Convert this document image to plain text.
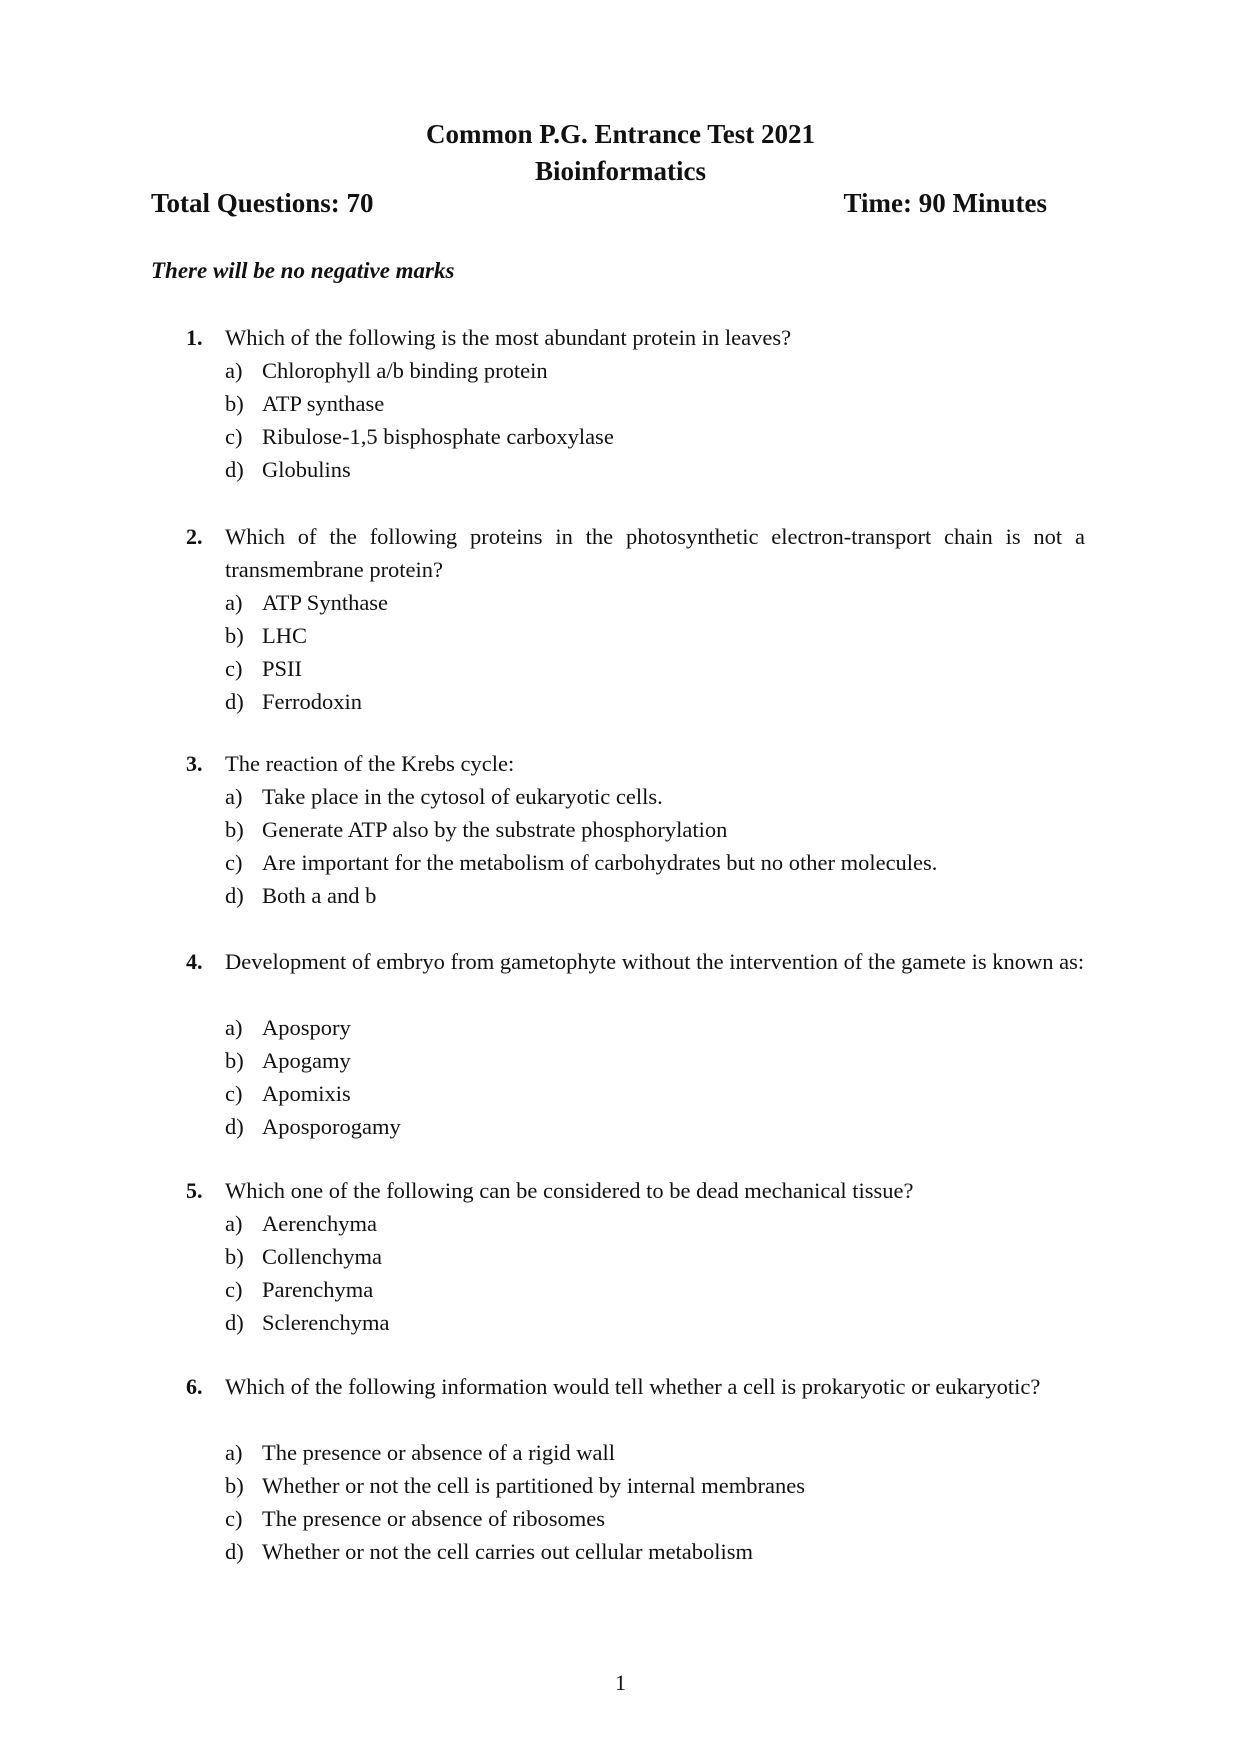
Common P.G. Entrance Test 2021
Bioinformatics
Total Questions: 70	Time: 90 Minutes
There will be no negative marks
1. Which of the following is the most abundant protein in leaves?
a) Chlorophyll a/b binding protein
b) ATP synthase
c) Ribulose-1,5 bisphosphate carboxylase
d) Globulins
2. Which of the following proteins in the photosynthetic electron-transport chain is not a transmembrane protein?
a) ATP Synthase
b) LHC
c) PSII
d) Ferrodoxin
3. The reaction of the Krebs cycle:
a) Take place in the cytosol of eukaryotic cells.
b) Generate ATP also by the substrate phosphorylation
c) Are important for the metabolism of carbohydrates but no other molecules.
d) Both a and b
4. Development of embryo from gametophyte without the intervention of the gamete is known as:
a) Apospory
b) Apogamy
c) Apomixis
d) Aposporogamy
5. Which one of the following can be considered to be dead mechanical tissue?
a) Aerenchyma
b) Collenchyma
c) Parenchyma
d) Sclerenchyma
6. Which of the following information would tell whether a cell is prokaryotic or eukaryotic?
a) The presence or absence of a rigid wall
b) Whether or not the cell is partitioned by internal membranes
c) The presence or absence of ribosomes
d) Whether or not the cell carries out cellular metabolism
1
